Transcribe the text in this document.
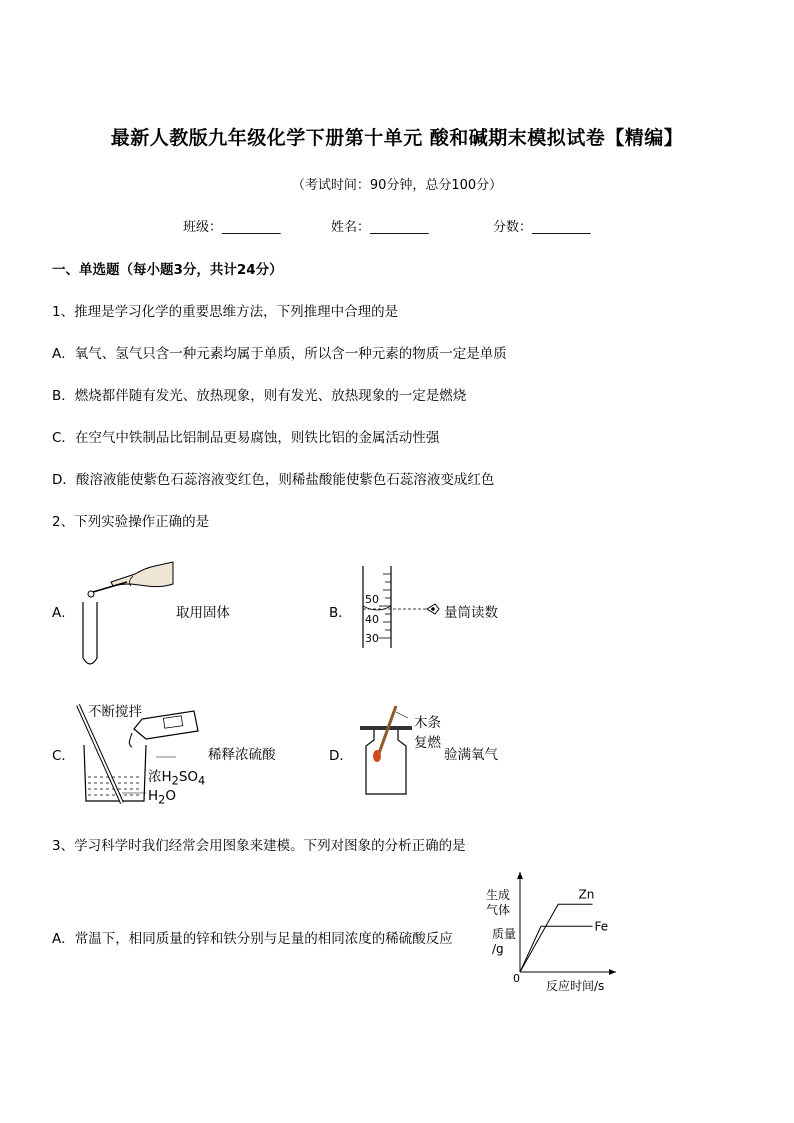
最新人教版九年级化学下册第十单元 酸和碱期末模拟试卷【精编】
（考试时间：90分钟，总分100分）
班级：_________	姓名：_________	分数：_________
一、单选题（每小题3分，共计24分）
1、推理是学习化学的重要思维方法，下列推理中合理的是
A．氧气、氢气只含一种元素均属于单质，所以含一种元素的物质一定是单质
B．燃烧都伴随有发光、放热现象，则有发光、放热现象的一定是燃烧
C．在空气中铁制品比铝制品更易腐蚀，则铁比铝的金属活动性强
D．酸溶液能使紫色石蕊溶液变红色，则稀盐酸能使紫色石蕊溶液变成红色
2、下列实验操作正确的是
A．	取用固体	B．
50
40
30
量筒读数
C．
不断搅拌
稀释浓硫酸
浓$H_2SO_4$
$H_2O$
D．
木条
复燃
验满氧气
3、学习科学时我们经常会用图象来建模。下列对图象的分析正确的是
A．常温下，相同质量的锌和铁分别与足量的相同浓度的稀硫酸反应
生成
气体
质量
/g
0
反应时间/s
Zn
Fe
